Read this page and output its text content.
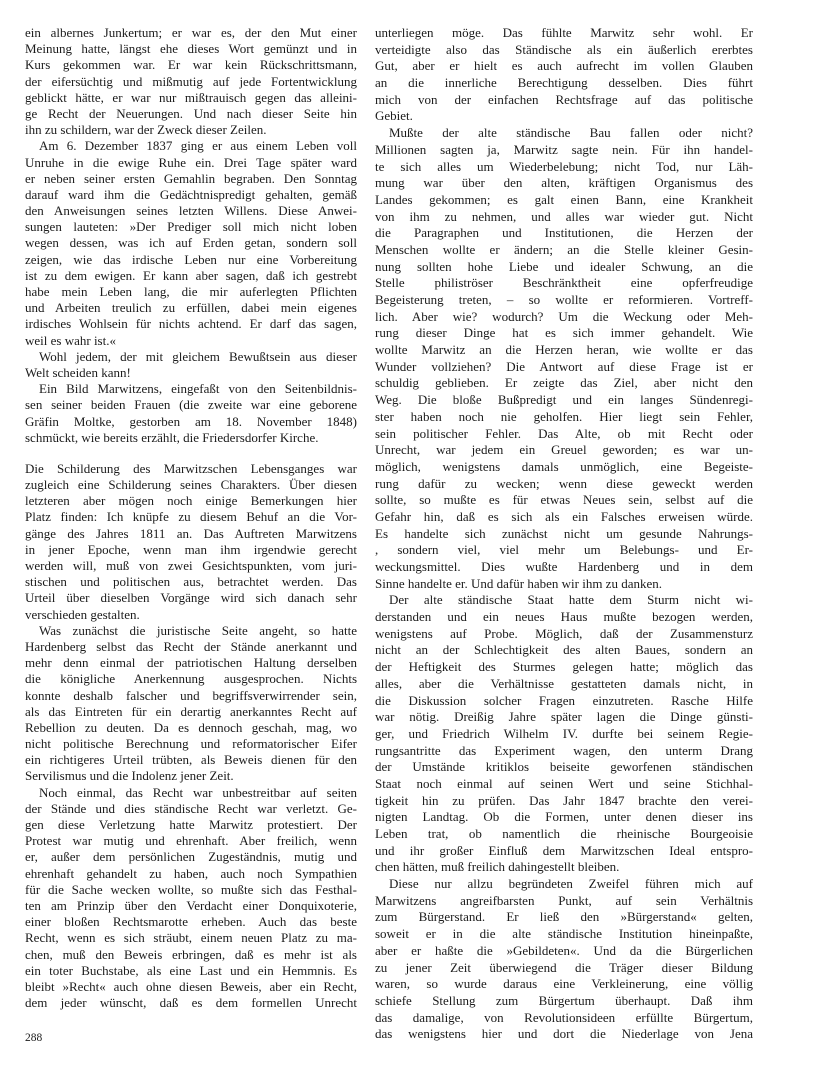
ein albernes Junkertum; er war es, der den Mut einer
Meinung hatte, längst ehe dieses Wort gemünzt und in
Kurs gekommen war. Er war kein Rückschrittsmann,
der eifersüchtig und mißmutig auf jede Fortentwicklung
geblickt hätte, er war nur mißtrauisch gegen das alleini-
ge Recht der Neuerungen. Und nach dieser Seite hin
ihn zu schildern, war der Zweck dieser Zeilen.
Am 6. Dezember 1837 ging er aus einem Leben voll
Unruhe in die ewige Ruhe ein. Drei Tage später ward
er neben seiner ersten Gemahlin begraben. Den Sonntag
darauf ward ihm die Gedächtnispredigt gehalten, gemäß
den Anweisungen seines letzten Willens. Diese Anwei-
sungen lauteten: »Der Prediger soll mich nicht loben
wegen dessen, was ich auf Erden getan, sondern soll
zeigen, wie das irdische Leben nur eine Vorbereitung
ist zu dem ewigen. Er kann aber sagen, daß ich gestrebt
habe mein Leben lang, die mir auferlegten Pflichten
und Arbeiten treulich zu erfüllen, dabei mein eigenes
irdisches Wohlsein für nichts achtend. Er darf das sagen,
weil es wahr ist.«
Wohl jedem, der mit gleichem Bewußtsein aus dieser
Welt scheiden kann!
Ein Bild Marwitzens, eingefaßt von den Seitenbildnis-
sen seiner beiden Frauen (die zweite war eine geborene
Gräfin Moltke, gestorben am 18. November 1848)
schmückt, wie bereits erzählt, die Friedersdorfer Kirche.
Die Schilderung des Marwitzschen Lebensganges war
zugleich eine Schilderung seines Charakters. Über diesen
letzteren aber mögen noch einige Bemerkungen hier
Platz finden: Ich knüpfe zu diesem Behuf an die Vor-
gänge des Jahres 1811 an. Das Auftreten Marwitzens
in jener Epoche, wenn man ihm irgendwie gerecht
werden will, muß von zwei Gesichtspunkten, vom juri-
stischen und politischen aus, betrachtet werden. Das
Urteil über dieselben Vorgänge wird sich danach sehr
verschieden gestalten.
Was zunächst die juristische Seite angeht, so hatte
Hardenberg selbst das Recht der Stände anerkannt und
mehr denn einmal der patriotischen Haltung derselben
die königliche Anerkennung ausgesprochen. Nichts
konnte deshalb falscher und begriffsverwirrender sein,
als das Eintreten für ein derartig anerkanntes Recht auf
Rebellion zu deuten. Da es dennoch geschah, mag, wo
nicht politische Berechnung und reformatorischer Eifer
ein richtigeres Urteil trübten, als Beweis dienen für den
Servilismus und die Indolenz jener Zeit.
Noch einmal, das Recht war unbestreitbar auf seiten
der Stände und dies ständische Recht war verletzt. Ge-
gen diese Verletzung hatte Marwitz protestiert. Der
Protest war mutig und ehrenhaft. Aber freilich, wenn
er, außer dem persönlichen Zugeständnis, mutig und
ehrenhaft gehandelt zu haben, auch noch Sympathien
für die Sache wecken wollte, so mußte sich das Festhal-
ten am Prinzip über den Verdacht einer Donquixoterie,
einer bloßen Rechtsmarotte erheben. Auch das beste
Recht, wenn es sich sträubt, einem neuen Platz zu ma-
chen, muß den Beweis erbringen, daß es mehr ist als
ein toter Buchstabe, als eine Last und ein Hemmnis. Es
bleibt »Recht« auch ohne diesen Beweis, aber ein Recht,
dem jeder wünscht, daß es dem formellen Unrecht
unterliegen möge. Das fühlte Marwitz sehr wohl. Er
verteidigte also das Ständische als ein äußerlich ererbtes
Gut, aber er hielt es auch aufrecht im vollen Glauben
an die innerliche Berechtigung desselben. Dies führt
mich von der einfachen Rechtsfrage auf das politische
Gebiet.
Mußte der alte ständische Bau fallen oder nicht?
Millionen sagten ja, Marwitz sagte nein. Für ihn handel-
te sich alles um Wiederbelebung; nicht Tod, nur Läh-
mung war über den alten, kräftigen Organismus des
Landes gekommen; es galt einen Bann, eine Krankheit
von ihm zu nehmen, und alles war wieder gut. Nicht
die Paragraphen und Institutionen, die Herzen der
Menschen wollte er ändern; an die Stelle kleiner Gesin-
nung sollten hohe Liebe und idealer Schwung, an die
Stelle philiströser Beschränktheit eine opferfreudige
Begeisterung treten, – so wollte er reformieren. Vortreff-
lich. Aber wie? wodurch? Um die Weckung oder Meh-
rung dieser Dinge hat es sich immer gehandelt. Wie
wollte Marwitz an die Herzen heran, wie wollte er das
Wunder vollziehen? Die Antwort auf diese Frage ist er
schuldig geblieben. Er zeigte das Ziel, aber nicht den
Weg. Die bloße Bußpredigt und ein langes Sündenregi-
ster haben noch nie geholfen. Hier liegt sein Fehler,
sein politischer Fehler. Das Alte, ob mit Recht oder
Unrecht, war jedem ein Greuel geworden; es war un-
möglich, wenigstens damals unmöglich, eine Begeiste-
rung dafür zu wecken; wenn diese geweckt werden
sollte, so mußte es für etwas Neues sein, selbst auf die
Gefahr hin, daß es sich als ein Falsches erweisen würde.
Es handelte sich zunächst nicht um gesunde Nahrungs-
, sondern viel, viel mehr um Belebungs- und Er-
weckungsmittel. Dies wußte Hardenberg und in dem
Sinne handelte er. Und dafür haben wir ihm zu danken.
Der alte ständische Staat hatte dem Sturm nicht wi-
derstanden und ein neues Haus mußte bezogen werden,
wenigstens auf Probe. Möglich, daß der Zusammensturz
nicht an der Schlechtigkeit des alten Baues, sondern an
der Heftigkeit des Sturmes gelegen hatte; möglich das
alles, aber die Verhältnisse gestatteten damals nicht, in
die Diskussion solcher Fragen einzutreten. Rasche Hilfe
war nötig. Dreißig Jahre später lagen die Dinge günsti-
ger, und Friedrich Wilhelm IV. durfte bei seinem Regie-
rungsantritte das Experiment wagen, den unterm Drang
der Umstände kritiklos beiseite geworfenen ständischen
Staat noch einmal auf seinen Wert und seine Stichhal-
tigkeit hin zu prüfen. Das Jahr 1847 brachte den verei-
nigten Landtag. Ob die Formen, unter denen dieser ins
Leben trat, ob namentlich die rheinische Bourgeoisie
und ihr großer Einfluß dem Marwitzschen Ideal entspro-
chen hätten, muß freilich dahingestellt bleiben.
Diese nur allzu begründeten Zweifel führen mich auf
Marwitzens angreifbarsten Punkt, auf sein Verhältnis
zum Bürgerstand. Er ließ den »Bürgerstand« gelten,
soweit er in die alte ständische Institution hineinpaßte,
aber er haßte die »Gebildeten«. Und da die Bürgerlichen
zu jener Zeit überwiegend die Träger dieser Bildung
waren, so wurde daraus eine Verkleinerung, eine völlig
schiefe Stellung zum Bürgertum überhaupt. Daß ihm
das damalige, von Revolutionsideen erfüllte Bürgertum,
das wenigstens hier und dort die Niederlage von Jena
288
